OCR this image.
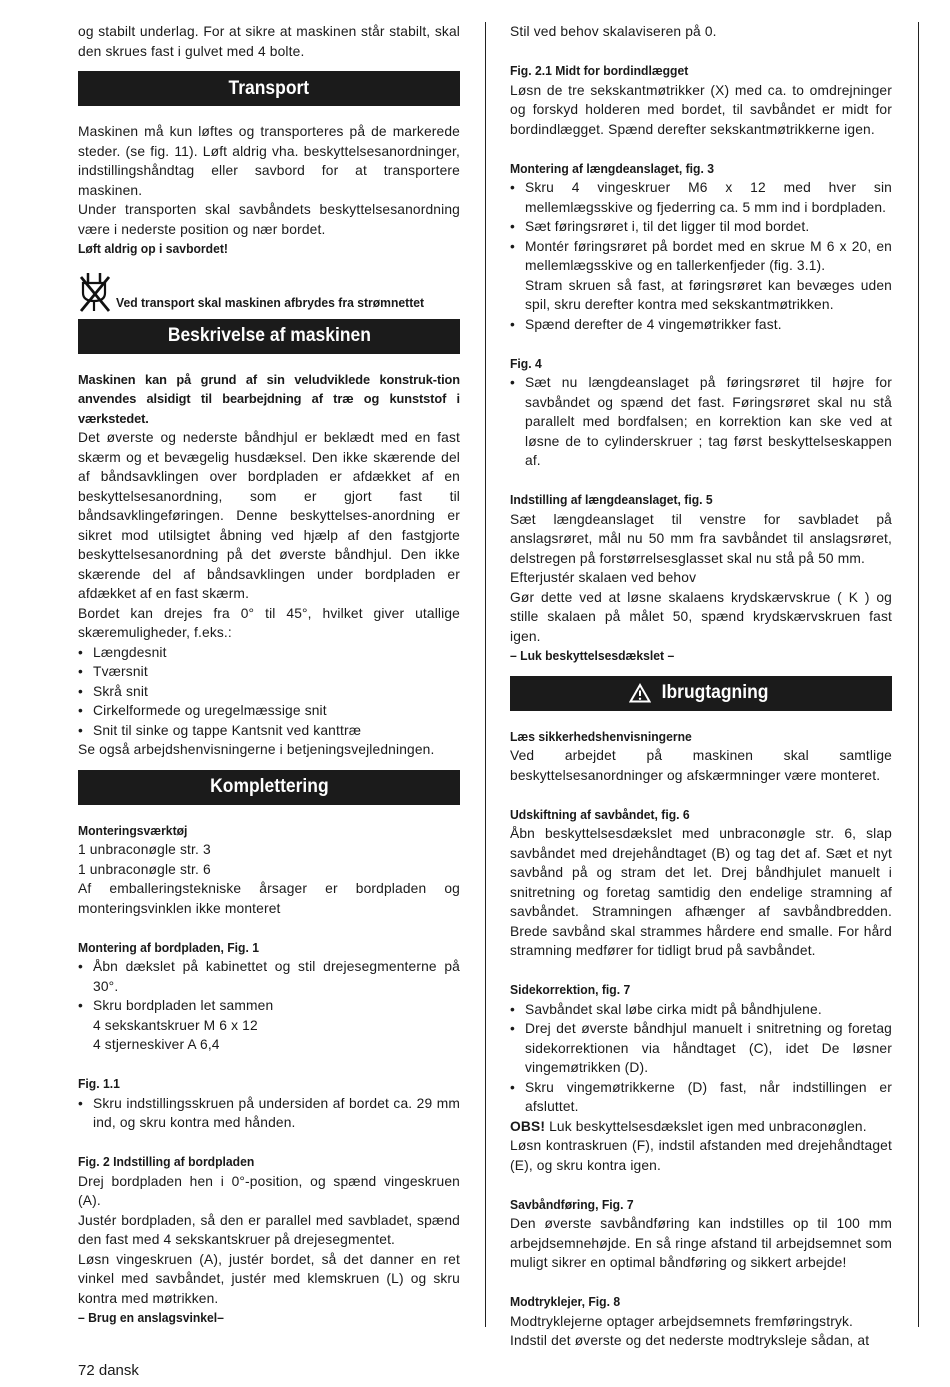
og stabilt underlag. For at sikre at maskinen står stabilt, skal den skrues fast i gulvet med 4 bolte.

Transport

Maskinen må kun løftes og transporteres på de markerede steder. (se fig. 11). Løft aldrig vha. beskyttelsesanordninger, indstillingshåndtag eller savbord for at transportere maskinen.

Under transporten skal savbåndets beskyttelsesanordning være i nederste position og nær bordet.

Løft aldrig op i savbordet!

Ved transport skal maskinen afbrydes fra strømnettet
Beskrivelse af maskinen

Maskinen kan på grund af sin veludviklede konstruk-tion anvendes alsidigt til bearbejdning af træ og kunststof i værkstedet.

Det øverste og nederste båndhjul er beklædt med en fast skærm og et bevægelig husdæksel. Den ikke skærende del af båndsavklingen over bordpladen er afdækket af en beskyttelsesanordning, som er gjort fast til båndsavklingeføringen. Denne beskyttelses-anordning er sikret mod utilsigtet åbning ved hjælp af den fastgjorte beskyttelsesanordning på det øverste båndhjul. Den ikke skærende del af båndsavklingen under bordpladen er afdækket af en fast skærm.

Bordet kan drejes fra 0° til 45°, hvilket giver utallige skæremuligheder, f.eks.:

• Længdesnit
• Tværsnit
• Skrå snit
• Cirkelformede og uregelmæssige snit
• Snit til sinke og tappe Kantsnit ved kanttræ

Se også arbejdshenvisningerne i betjeningsvejledningen.

Komplettering

Monteringsværktøj

1 unbraconøgle str. 3

1 unbraconøgle str. 6

Af emballeringstekniske årsager er bordpladen og monteringsvinklen ikke monteret

Montering af bordpladen, Fig. 1

• Åbn dækslet på kabinettet og stil drejesegmenterne på 30°.
• Skru bordpladen let sammen
4 sekskantskruer M 6 x 12
4 stjerneskiver A 6,4

Fig. 1.1

• Skru indstillingsskruen på undersiden af bordet ca. 29 mm ind, og skru kontra med hånden.

Fig. 2 Indstilling af bordpladen

Drej bordpladen hen i 0°-position, og spænd vingeskruen (A).

Justér bordpladen, så den er parallel med savbladet, spænd den fast med 4 sekskantskruer på drejesegmentet.

Løsn vingeskruen (A), justér bordet, så det danner en ret vinkel med savbåndet, justér med klemskruen (L) og skru kontra med møtrikken.

– Brug en anslagsvinkel–

Stil ved behov skalaviseren på 0.

Fig. 2.1 Midt for bordindlægget

Løsn de tre sekskantmøtrikker (X) med ca. to omdrejninger og forskyd holderen med bordet, til savbåndet er midt for bordindlægget. Spænd derefter sekskantmøtrikkerne igen.

Montering af længdeanslaget, fig. 3

• Skru 4 vingeskruer M6 x 12 med hver sin mellemlægsskive og fjederring ca. 5 mm ind i bordpladen.
• Sæt føringsrøret i, til det ligger til mod bordet.
• Montér føringsrøret på bordet med en skrue M 6 x 20, en mellemlægsskive og en tallerkenfjeder (fig. 3.1).
Stram skruen så fast, at føringsrøret kan bevæges uden spil, skru derefter kontra med sekskantmøtrikken.
• Spænd derefter de 4 vingemøtrikker fast.

Fig. 4

• Sæt nu længdeanslaget på føringsrøret til højre for savbåndet og spænd det fast. Føringsrøret skal nu stå parallelt med bordfalsen; en korrektion kan ske ved at løsne de to cylinderskruer ; tag først beskyttelseskappen af.

Indstilling af længdeanslaget, fig. 5

Sæt længdeanslaget til venstre for savbladet på anslagsrøret, mål nu 50 mm fra savbåndet til anslagsrøret, delstregen på forstørrelsesglasset skal nu stå på 50 mm.

Efterjustér skalaen ved behov

Gør dette ved at løsne skalaens krydskærvskrue ( K ) og stille skalaen på målet 50, spænd krydskærvskruen fast igen.

– Luk beskyttelsesdækslet –

Ibrugtagning

Læs sikkerhedshenvisningerne

Ved arbejdet på maskinen skal samtlige beskyttelsesanordninger og afskærmninger være monteret.

Udskiftning af savbåndet, fig. 6

Åbn beskyttelsesdækslet med unbraconøgle str. 6, slap savbåndet med drejehåndtaget (B) og tag det af. Sæt et nyt savbånd på og stram det let. Drej båndhjulet manuelt i snitretning og foretag samtidig den endelige stramning af savbåndet. Stramningen afhænger af savbåndbredden. Brede savbånd skal strammes hårdere end smalle. For hård stramning medfører for tidligt brud på savbåndet.

Sidekorrektion, fig. 7

• Savbåndet skal løbe cirka midt på båndhjulene.
• Drej det øverste båndhjul manuelt i snitretning og foretag sidekorrektionen via håndtaget (C), idet De løsner vingemøtrikken (D).
• Skru vingemøtrikkerne (D) fast, når indstillingen er afsluttet.

OBS! Luk beskyttelsesdækslet igen med unbraconøglen.

Løsn kontraskruen (F), indstil afstanden med drejehåndtaget (E), og skru kontra igen.

Savbåndføring, Fig. 7

Den øverste savbåndføring kan indstilles op til 100 mm arbejdsemnehøjde. En så ringe afstand til arbejdsemnet som muligt sikrer en optimal båndføring og sikkert arbejde!

Modtryklejer, Fig. 8

Modtryklejerne optager arbejdsemnets fremføringstryk.

Indstil det øverste og det nederste modtryksleje sådan, at

72 dansk
